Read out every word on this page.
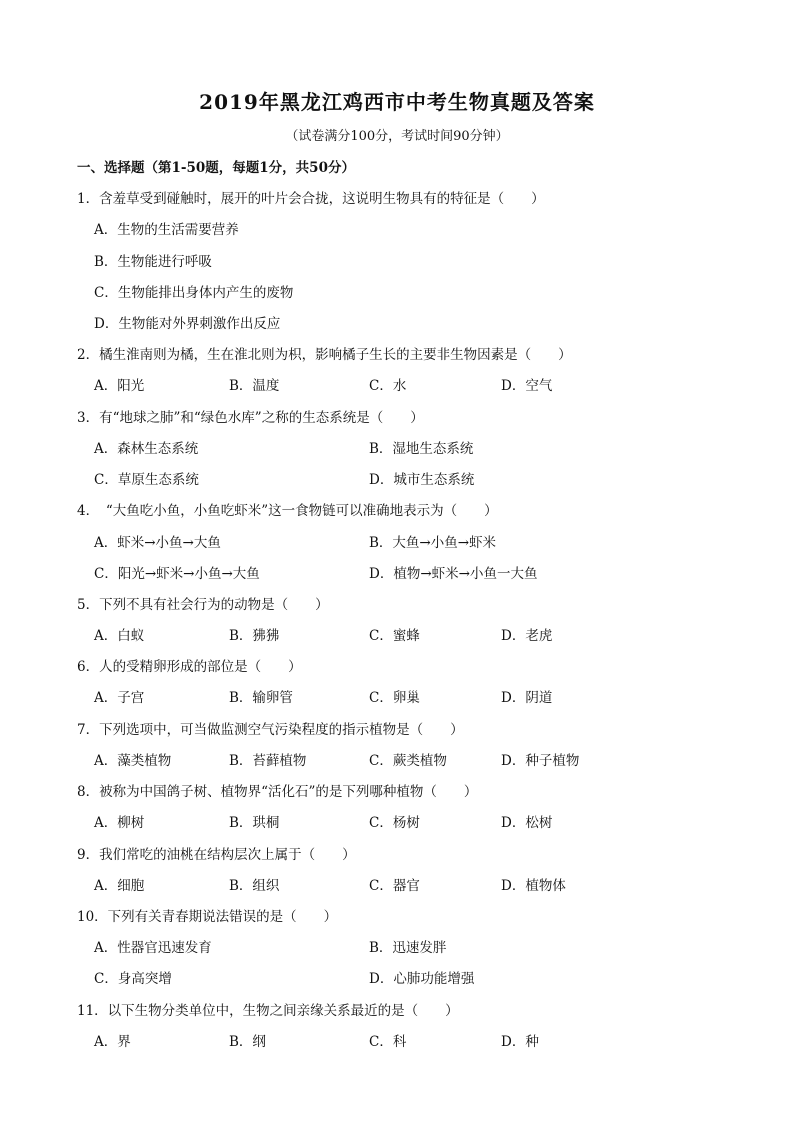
2019年黑龙江鸡西市中考生物真题及答案
（试卷满分100分，考试时间90分钟）
一、选择题（第1-50题，每题1分，共50分）
1．含羞草受到碰触时，展开的叶片会合拢，这说明生物具有的特征是（　　）
A．生物的生活需要营养
B．生物能进行呼吸
C．生物能排出身体内产生的废物
D．生物能对外界刺激作出反应
2．橘生淮南则为橘，生在淮北则为枳，影响橘子生长的主要非生物因素是（　　）
A．阳光	B．温度	C．水	D．空气
3．有“地球之肺”和“绿色水库”之称的生态系统是（　　）
A．森林生态系统	B．湿地生态系统
C．草原生态系统	D．城市生态系统
4．　“大鱼吃小鱼，小鱼吃虾米”这一食物链可以准确地表示为（　　）
A．虾米→小鱼→大鱼	B．大鱼→小鱼→虾米
C．阳光→虾米→小鱼→大鱼	D．植物→虾米→小鱼一大鱼
5．下列不具有社会行为的动物是（　　）
A．白蚁	B．狒狒	C．蜜蜂	D．老虎
6．人的受精卵形成的部位是（　　）
A．子宫	B．输卵管	C．卵巢	D．阴道
7．下列选项中，可当做监测空气污染程度的指示植物是（　　）
A．藻类植物	B．苔藓植物	C．蕨类植物	D．种子植物
8．被称为中国鸽子树、植物界“活化石”的是下列哪种植物（　　）
A．柳树	B．珙桐	C．杨树	D．松树
9．我们常吃的油桃在结构层次上属于（　　）
A．细胞	B．组织	C．器官	D．植物体
10．下列有关青春期说法错误的是（　　）
A．性器官迅速发育	B．迅速发胖
C．身高突增	D．心肺功能增强
11．以下生物分类单位中，生物之间亲缘关系最近的是（　　）
A．界	B．纲	C．科	D．种
